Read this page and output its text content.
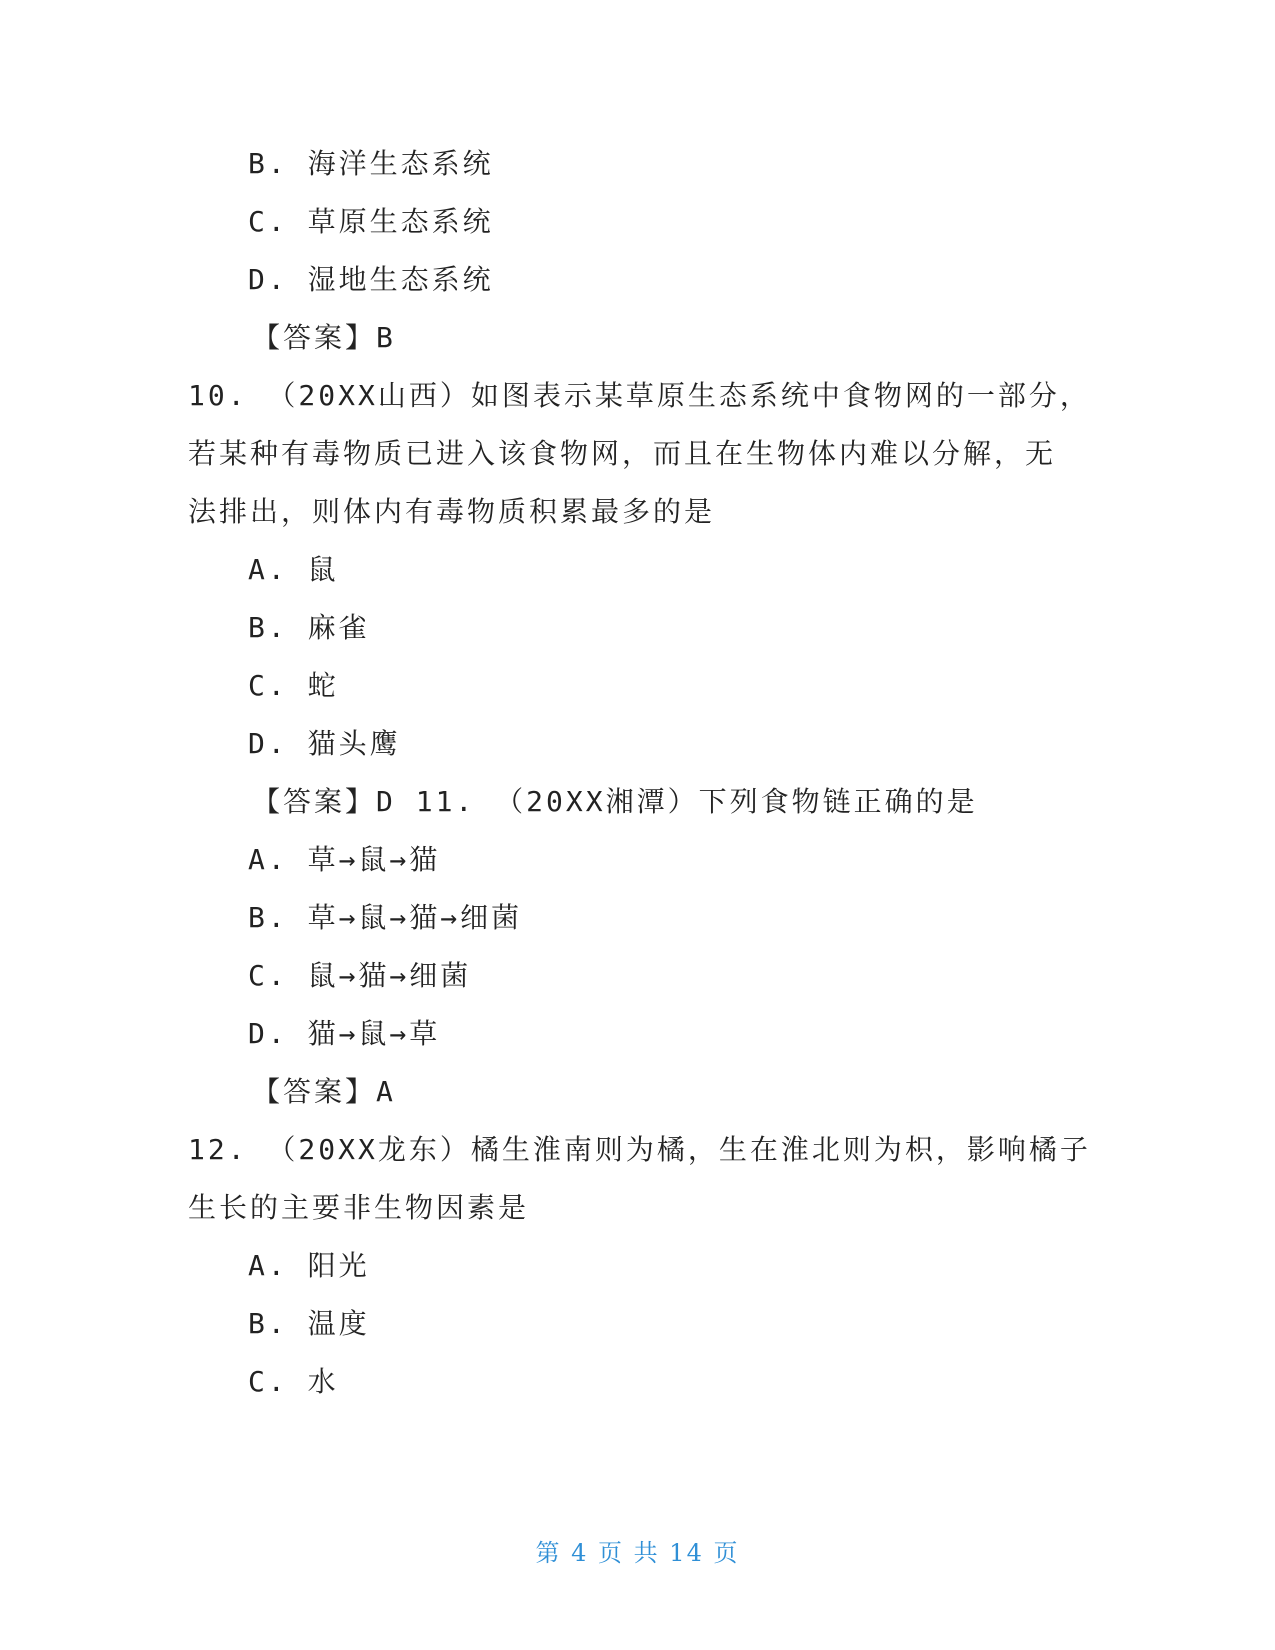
B. 海洋生态系统
C. 草原生态系统
D. 湿地生态系统
【答案】B
10. （20XX山西）如图表示某草原生态系统中食物网的一部分，
若某种有毒物质已进入该食物网，而且在生物体内难以分解，无
法排出，则体内有毒物质积累最多的是
A. 鼠
B. 麻雀
C. 蛇
D. 猫头鹰
【答案】D 11. （20XX湘潭）下列食物链正确的是
A. 草→鼠→猫
B. 草→鼠→猫→细菌
C. 鼠→猫→细菌
D. 猫→鼠→草
【答案】A
12. （20XX龙东）橘生淮南则为橘，生在淮北则为枳，影响橘子
生长的主要非生物因素是
A. 阳光
B. 温度
C. 水
第 4 页 共 14 页
